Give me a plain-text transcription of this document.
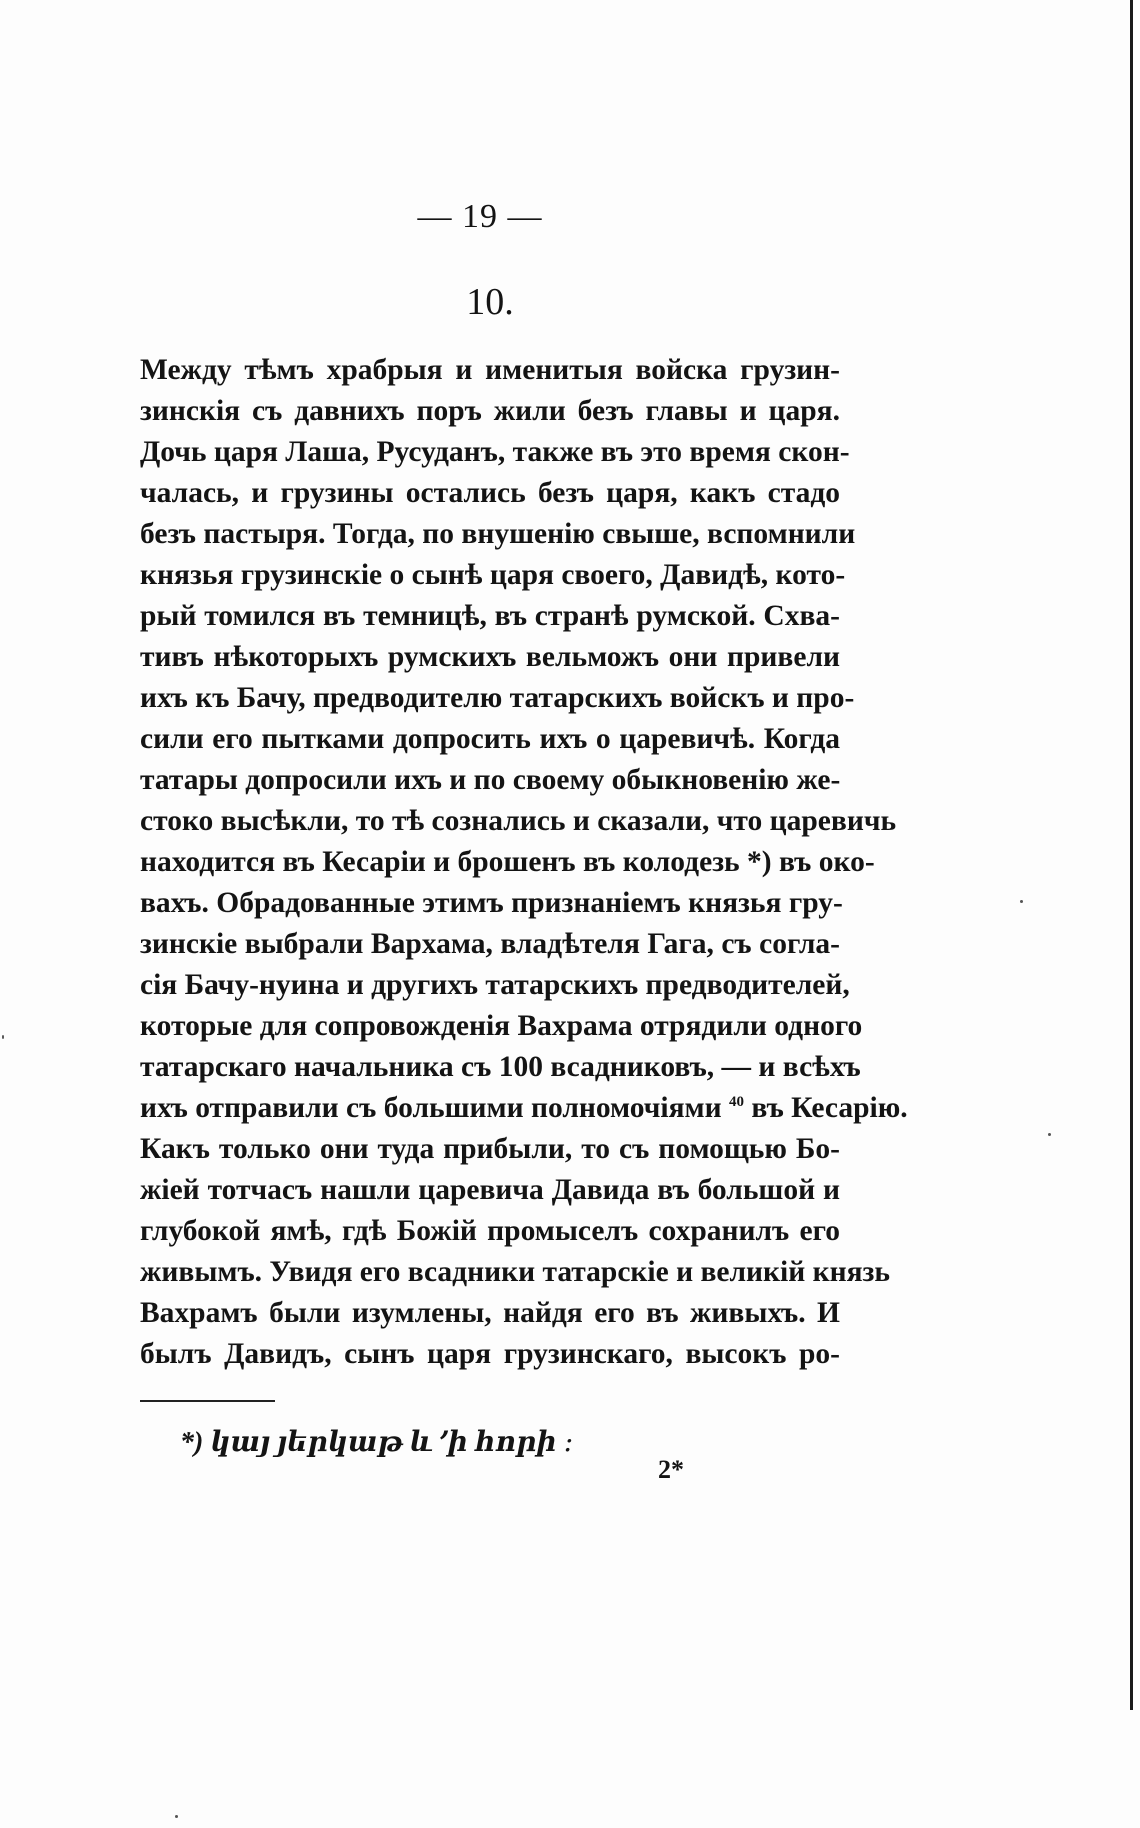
— 19 —
10.
Между тѣмъ храбрыя и именитыя войска грузин-
зинскія съ давнихъ поръ жили безъ главы и царя.
Дочь царя Лаша, Русуданъ, также въ это время скон-
чалась, и грузины остались безъ царя, какъ стадо
безъ пастыря. Тогда, по внушенію свыше, вспомнили
князья грузинскіе о сынѣ царя своего, Давидѣ, кото-
рый томился въ темницѣ, въ странѣ румской. Схва-
тивъ нѣкоторыхъ румскихъ вельможъ они привели
ихъ къ Бачу, предводителю татарскихъ войскъ и про-
сили его пытками допросить ихъ о царевичѣ. Когда
татары допросили ихъ и по своему обыкновенію же-
стоко высѣкли, то тѣ сознались и сказали, что царевичь
находится въ Кесаріи и брошенъ въ колодезь *) въ око-
вахъ. Обрадованные этимъ признаніемъ князья гру-
зинскіе выбрали Вархама, владѣтеля Гага, съ согла-
сія Бачу-нуина и другихъ татарскихъ предводителей,
которые для сопровожденія Вахрама отрядили одного
татарскаго начальника съ 100 всадниковъ, — и всѣхъ
ихъ отправили съ большими полномочіями $^{40}$ въ Кесарію.
Какъ только они туда прибыли, то съ помощью Бо-
жіей тотчасъ нашли царевича Давида въ большой и
глубокой ямѣ, гдѣ Божій промыселъ сохранилъ его
живымъ. Увидя его всадники татарскіе и великій князь
Вахрамъ были изумлены, найдя его въ живыхъ. И
былъ Давидъ, сынъ царя грузинскаго, высокъ ро-
*) կայ յերկաթ և ՚ի հորի ։
2*
